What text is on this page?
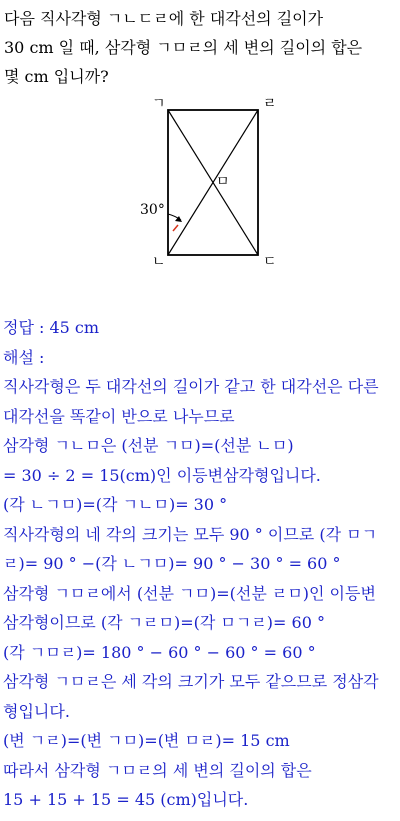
다음 직사각형 ㄱㄴㄷㄹ에 한 대각선의 길이가
30 cm 일 때, 삼각형 ㄱㅁㄹ의 세 변의 길이의 합은
몇 cm 입니까?
ㄱ	ㄹ
ㄴ	ㄷ
ㅁ
30°
정답 : 45 cm
해설 :
직사각형은 두 대각선의 길이가 같고 한 대각선은 다른
대각선을 똑같이 반으로 나누므로
삼각형 ㄱㄴㅁ은 (선분 ㄱㅁ)=(선분 ㄴㅁ)
= 30 ÷ 2 = 15(cm)인 이등변삼각형입니다.
(각 ㄴㄱㅁ)=(각 ㄱㄴㅁ)= 30 °
직사각형의 네 각의 크기는 모두 90 ° 이므로 (각 ㅁㄱ
ㄹ)= 90 ° −(각 ㄴㄱㅁ)= 90 ° − 30 ° = 60 °
삼각형 ㄱㅁㄹ에서 (선분 ㄱㅁ)=(선분 ㄹㅁ)인 이등변
삼각형이므로 (각 ㄱㄹㅁ)=(각 ㅁㄱㄹ)= 60 °
(각 ㄱㅁㄹ)= 180 ° − 60 ° − 60 ° = 60 °
삼각형 ㄱㅁㄹ은 세 각의 크기가 모두 같으므로 정삼각
형입니다.
(변 ㄱㄹ)=(변 ㄱㅁ)=(변 ㅁㄹ)= 15 cm
따라서 삼각형 ㄱㅁㄹ의 세 변의 길이의 합은
15 + 15 + 15 = 45 (cm)입니다.
